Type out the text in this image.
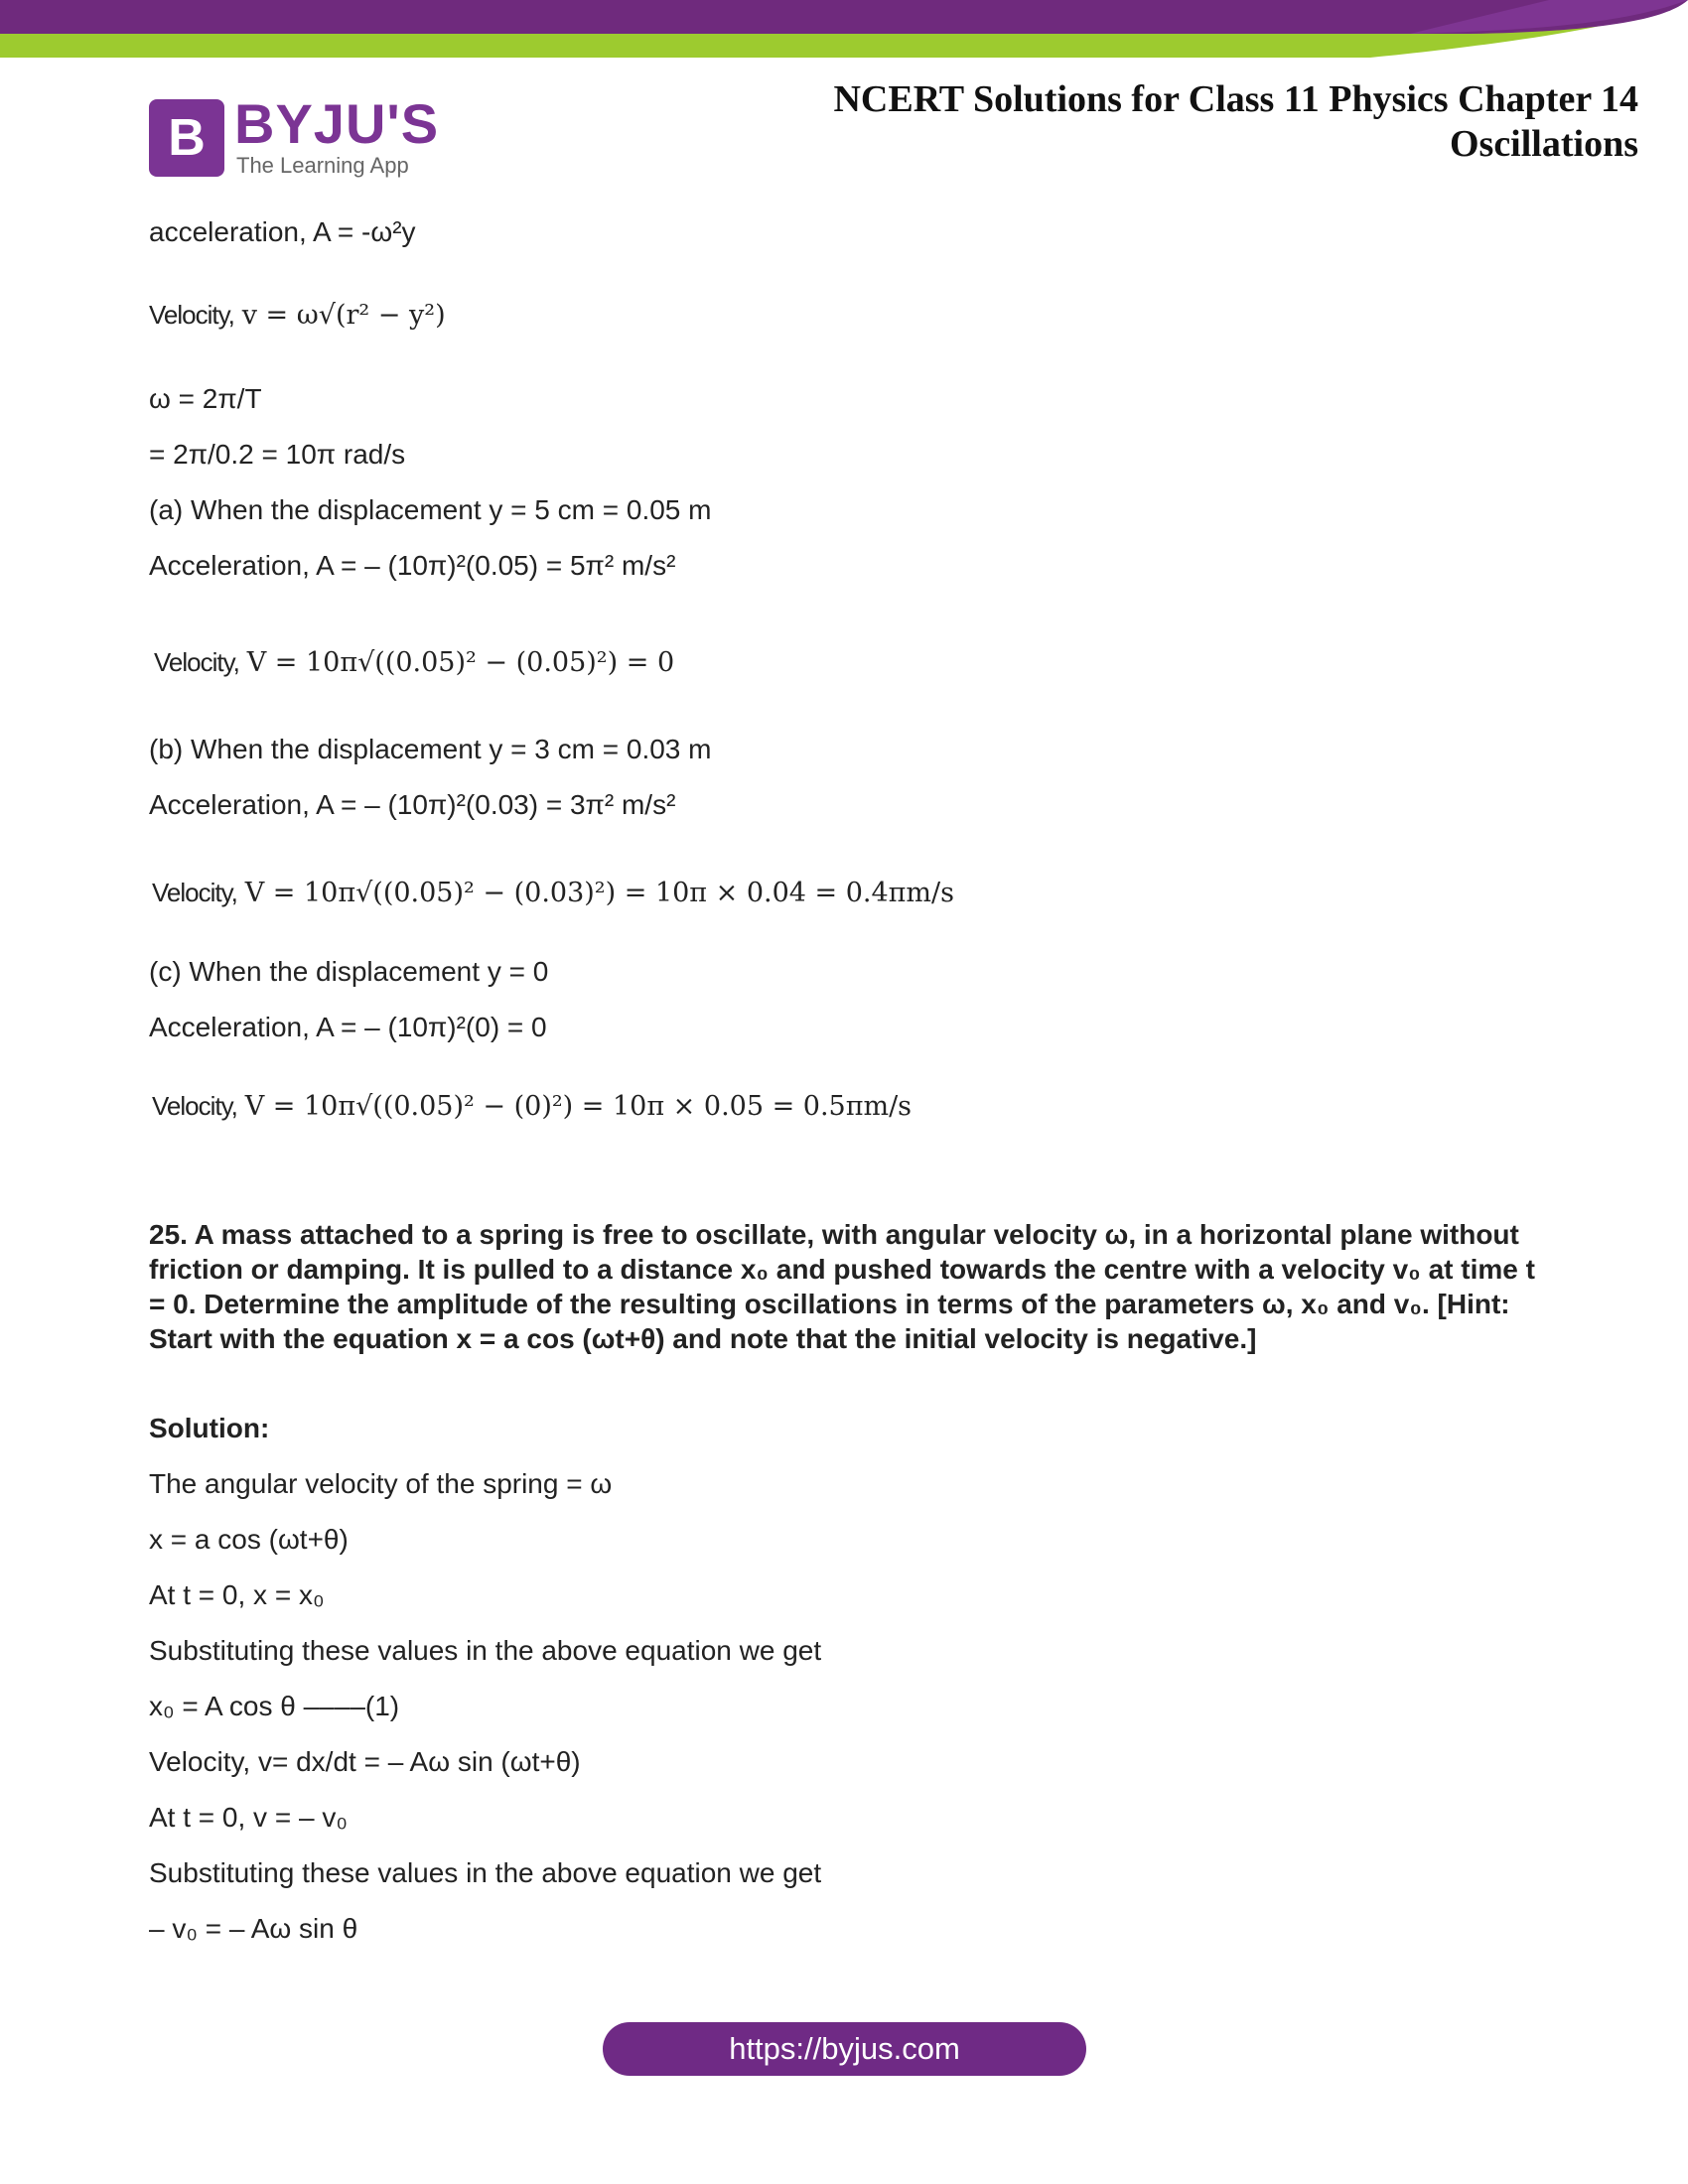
B BYJU'S
The Learning App
NCERT Solutions for Class 11 Physics Chapter 14
Oscillations
acceleration, A = -ω²y
Velocity, v = ω√(r² − y²)
ω = 2π/T
= 2π/0.2 = 10π rad/s
(a) When the displacement y = 5 cm = 0.05 m
Acceleration, A = – (10π)²(0.05) = 5π² m/s²
Velocity, V = 10π√((0.05)² − (0.05)²) = 0
(b) When the displacement y = 3 cm = 0.03 m
Acceleration, A = – (10π)²(0.03) = 3π² m/s²
Velocity, V = 10π√((0.05)² − (0.03)²) = 10π × 0.04 = 0.4πm/s
(c) When the displacement y = 0
Acceleration, A = – (10π)²(0) = 0
Velocity, V = 10π√((0.05)² − (0)²) = 10π × 0.05 = 0.5πm/s
25. A mass attached to a spring is free to oscillate, with angular velocity ω, in a horizontal plane without friction or damping. It is pulled to a distance x₀ and pushed towards the centre with a velocity v₀ at time t = 0. Determine the amplitude of the resulting oscillations in terms of the parameters ω, x₀ and v₀. [Hint: Start with the equation x = a cos (ωt+θ) and note that the initial velocity is negative.]
Solution:
The angular velocity of the spring = ω
x = a cos (ωt+θ)
At t = 0, x = x₀
Substituting these values in the above equation we get
x₀ = A cos θ ––––(1)
Velocity, v= dx/dt = – Aω sin (ωt+θ)
At t = 0, v = – v₀
Substituting these values in the above equation we get
– v₀ = – Aω sin θ
https://byjus.com
